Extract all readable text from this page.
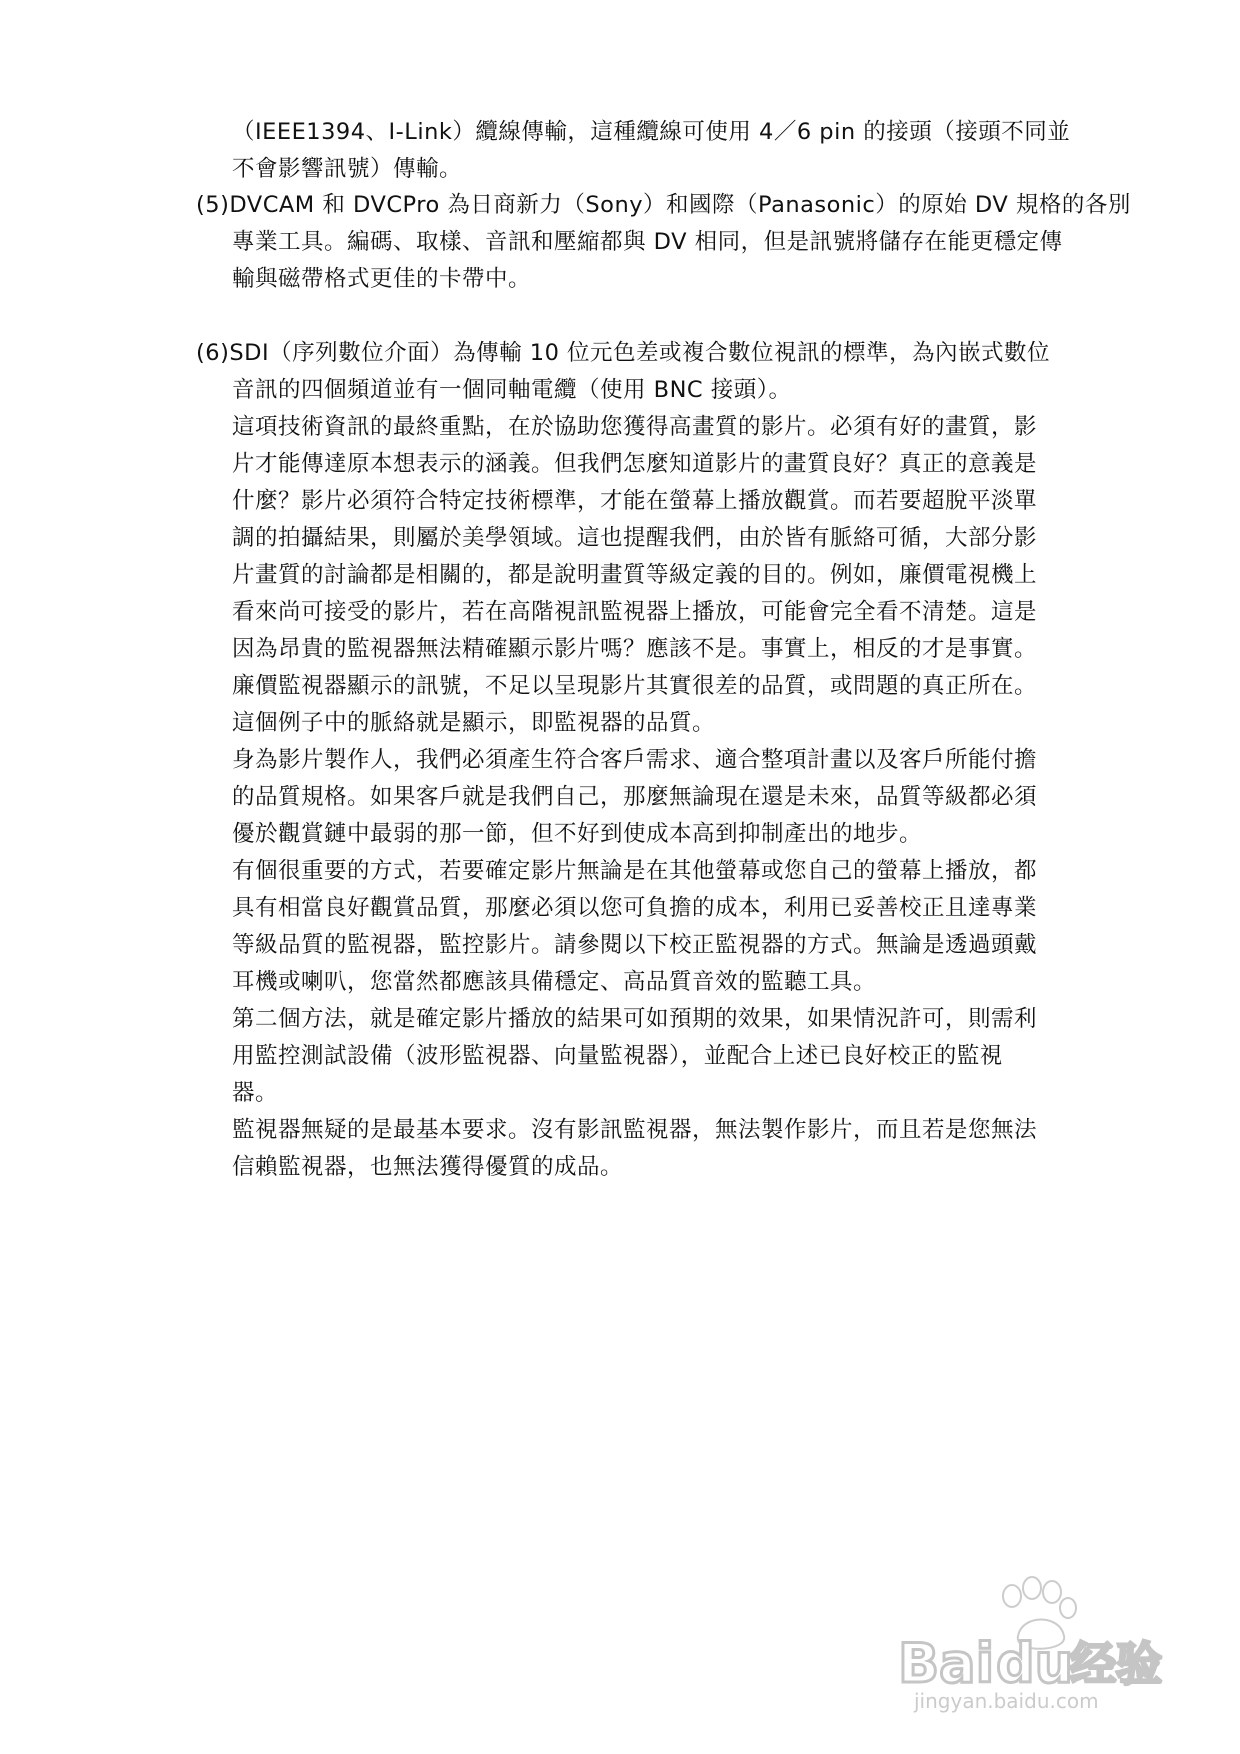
（IEEE1394、I-Link）纜線傳輸，這種纜線可使用 4／6 pin 的接頭（接頭不同並
不會影響訊號）傳輸。
(5)DVCAM 和 DVCPro 為日商新力（Sony）和國際（Panasonic）的原始 DV 規格的各別
專業工具。編碼、取樣、音訊和壓縮都與 DV 相同，但是訊號將儲存在能更穩定傳
輸與磁帶格式更佳的卡帶中。
(6)SDI（序列數位介面）為傳輸 10 位元色差或複合數位視訊的標準，為內嵌式數位
音訊的四個頻道並有一個同軸電纜（使用 BNC 接頭）。
這項技術資訊的最終重點，在於協助您獲得高畫質的影片。必須有好的畫質，影
片才能傳達原本想表示的涵義。但我們怎麼知道影片的畫質良好？真正的意義是
什麼？影片必須符合特定技術標準，才能在螢幕上播放觀賞。而若要超脫平淡單
調的拍攝結果，則屬於美學領域。這也提醒我們，由於皆有脈絡可循，大部分影
片畫質的討論都是相關的，都是說明畫質等級定義的目的。例如，廉價電視機上
看來尚可接受的影片，若在高階視訊監視器上播放，可能會完全看不清楚。這是
因為昂貴的監視器無法精確顯示影片嗎？應該不是。事實上，相反的才是事實。
廉價監視器顯示的訊號，不足以呈現影片其實很差的品質，或問題的真正所在。
這個例子中的脈絡就是顯示，即監視器的品質。
身為影片製作人，我們必須產生符合客戶需求、適合整項計畫以及客戶所能付擔
的品質規格。如果客戶就是我們自己，那麼無論現在還是未來，品質等級都必須
優於觀賞鏈中最弱的那一節，但不好到使成本高到抑制產出的地步。
有個很重要的方式，若要確定影片無論是在其他螢幕或您自己的螢幕上播放，都
具有相當良好觀賞品質，那麼必須以您可負擔的成本，利用已妥善校正且達專業
等級品質的監視器，監控影片。請參閱以下校正監視器的方式。無論是透過頭戴
耳機或喇叭，您當然都應該具備穩定、高品質音效的監聽工具。
第二個方法，就是確定影片播放的結果可如預期的效果，如果情況許可，則需利
用監控測試設備（波形監視器、向量監視器），並配合上述已良好校正的監視
器。
監視器無疑的是最基本要求。沒有影訊監視器，無法製作影片，而且若是您無法
信賴監視器，也無法獲得優質的成品。
Bai du
经验
jingyan.baidu.com
